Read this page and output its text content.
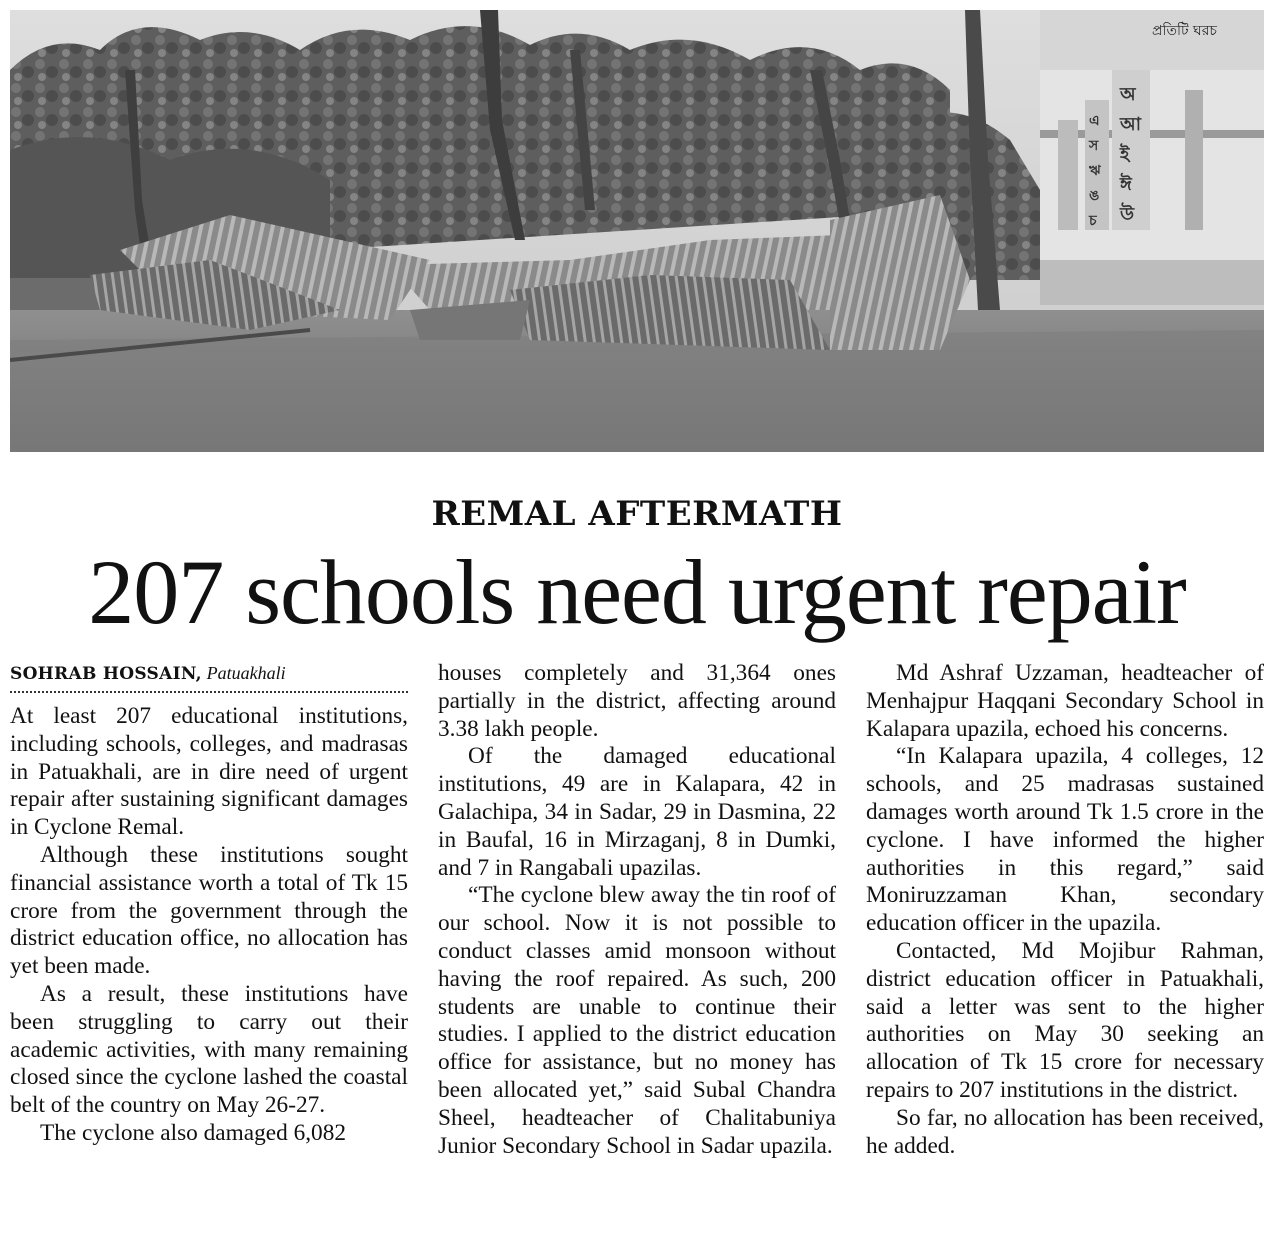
প্রতিটি ঘরচ
অ
আ
ই
ঈ
উ
এ
স
ঋ
ঙ
চ
REMAL AFTERMATH
207 schools need urgent repair
SOHRAB HOSSAIN, Patuakhali

At least 207 educational institutions, including schools, colleges, and madrasas in Patuakhali, are in dire need of urgent repair after sustaining significant damages in Cyclone Remal.

Although these institutions sought financial assistance worth a total of Tk 15 crore from the government through the district education office, no allocation has yet been made.

As a result, these institutions have been struggling to carry out their academic activities, with many remaining closed since the cyclone lashed the coastal belt of the country on May 26-27.

The cyclone also damaged 6,082

houses completely and 31,364 ones partially in the district, affecting around 3.38 lakh people.

Of the damaged educational institutions, 49 are in Kalapara, 42 in Galachipa, 34 in Sadar, 29 in Dasmina, 22 in Baufal, 16 in Mirzaganj, 8 in Dumki, and 7 in Rangabali upazilas.

“The cyclone blew away the tin roof of our school. Now it is not possible to conduct classes amid monsoon without having the roof repaired. As such, 200 students are unable to continue their studies. I applied to the district education office for assistance, but no money has been allocated yet,” said Subal Chandra Sheel, headteacher of Chalitabuniya Junior Secondary School in Sadar upazila.

Md Ashraf Uzzaman, headteacher of Menhajpur Haqqani Secondary School in Kalapara upazila, echoed his concerns.

“In Kalapara upazila, 4 colleges, 12 schools, and 25 madrasas sustained damages worth around Tk 1.5 crore in the cyclone. I have informed the higher authorities in this regard,” said Moniruzzaman Khan, secondary education officer in the upazila.

Contacted, Md Mojibur Rahman, district education officer in Patuakhali, said a letter was sent to the higher authorities on May 30 seeking an allocation of Tk 15 crore for necessary repairs to 207 institutions in the district.

So far, no allocation has been received, he added.
